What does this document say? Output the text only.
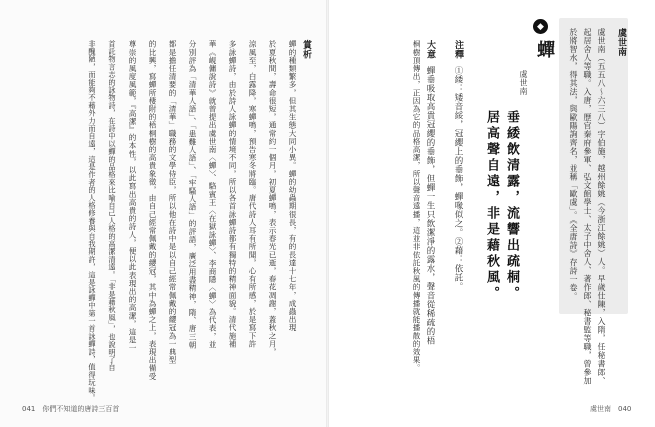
虞世南
虞世南（五五八～六三八）字伯施，越州餘姚（今浙江餘姚）人。早歲仕陳，入隋，任秘書郎、
起居舍人等職。入唐，歷官秦府參軍、弘文館學士、太子中舍人、著作郎、秘書監等職，曾參加
於將智水，得其法，與歐陽詢齊名，並稱「歐虞」。《全唐詩》存詩一卷。
◆
蟬
虞世南
垂緌飲清露，流響出疏桐。
居高聲自遠，非是藉秋風。
注釋
①緌：矮音綏，冠纓上的垂飾，蟬喙似之。②藉：依託。
大意
蟬垂吸取高貴冠纓的垂飾，但蟬一生只飲潔淨的露水，聲音從稀疏的梧
桐樹頂傳出，正因為它的品格高潔，所以聲音遠播，這並非依託秋風的傳播就能播散的效果。
虞世南　040
賞析
蟬的種類繁多，但其生態大同小異。蟬的幼蟲期很長，有的長達十七年，成蟲出現
於夏秋間，壽命很短，通常約一個月，初夏蟬鳴，表示春光已逝，春花凋謝，蓋秋之月，
涼風至，白露降，寒蟬鳴，預告寒冬將臨。唐代詩人耳有所聞，心有所感，於是寫下許
多詠蟬詩，由於詩人詠蟬的情境不同，所以各首詠蟬詩都有獨特的精神面貌。清代施補
華《峴傭說詩》就曾提出虞世南〈蟬〉、駱賓王〈在獄詠蟬〉、李商隱〈蟬〉為代表，並
分別評為「清華人語」、「患難人語」、「牢騷人語」的評語，廣泛用盡精神，隋、唐三朝
都是擔任清要的「清華」職務的文學侍臣，所以他在詩中是以自己經常佩戴的纓冠為一典型
的比興，寫蟬所棲附的梧桐樹的高貴象徵，由自己經常佩戴的纓冠，其中為蟬之上，表現出備受
尊崇的風度風範，『高潔』的本性，以此寫出高貴的詩人，便以此表現出的高潔，這是一
首託物言志的詠物詩，在詩中以蟬的品格來比喻自己人格的高潔清遠。「非是藉秋風」，也說明了自
非醜陋，而能夠不藉外力而自遠，這是作者的人格修養與自我期許，這是詠蟬中第一首詠蟬詩，值得玩味。
041　你們不知道的唐詩三百首
